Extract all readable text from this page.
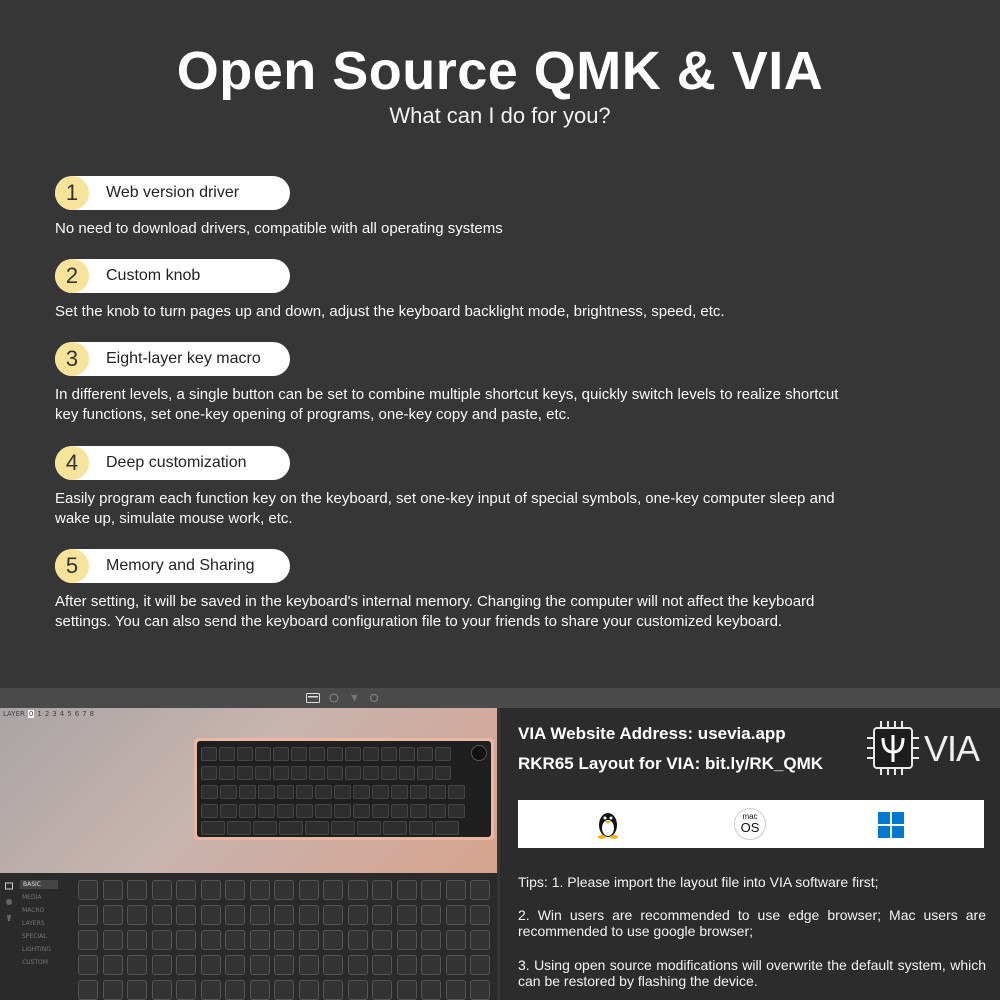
Open Source QMK & VIA
What can I do for you?
1	Web version driver
No need to download drivers, compatible with all operating systems
2	Custom knob
Set the knob to turn pages up and down, adjust the keyboard backlight mode, brightness, speed, etc.
3	Eight-layer key macro
In different levels, a single button can be set to combine multiple shortcut keys, quickly switch levels to realize shortcut key functions, set one-key opening of programs, one-key copy and paste, etc.
4	Deep customization
Easily program each function key on the keyboard, set one-key input of special symbols, one-key computer sleep and wake up, simulate mouse work, etc.
5	Memory and Sharing
After setting, it will be saved in the keyboard's internal memory. Changing the computer will not affect the keyboard settings. You can also send the keyboard configuration file to your friends to share your customized keyboard.
LAYER 0 1 2 3 4 5 6 7 8
BASIC
MEDIA
MACRO
LAYERS
SPECIAL
LIGHTING
CUSTOM
VIA Website Address: usevia.app
RKR65 Layout for VIA: bit.ly/RK_QMK	VIA
mac
OS
Tips: 1. Please import the layout file into VIA software first;
2. Win users are recommended to use edge browser; Mac users are recommended to use google browser;
3. Using open source modifications will overwrite the default system, which can be restored by flashing the device.
